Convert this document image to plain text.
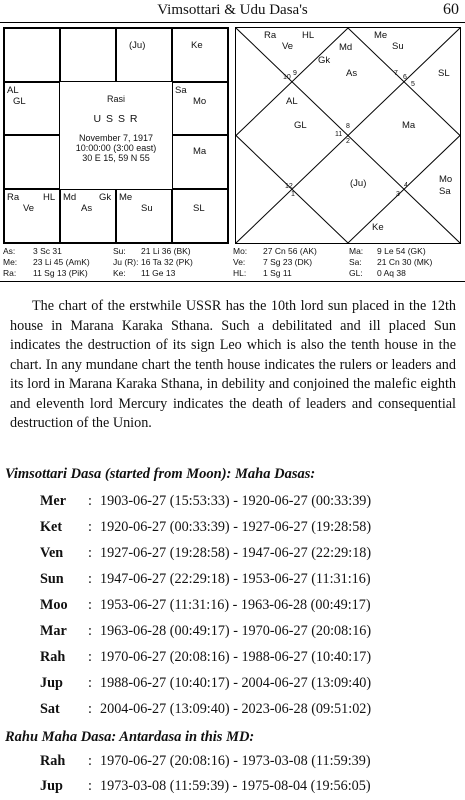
Vimsottari & Udu Dasa's	60
(Ju)	Ke
AL
GL
Sa
Mo
Ma
Ra	HL
Ve
Md
As
Gk Me
Su	SL
Rasi
U S S R
November 7, 1917
10:00:00 (3:00 east)
30 E 15, 59 N 55
Ra	HL	Me
Ve	Md	Su
Gk
As	SL
AL
GL	Ma
(Ju)	Mo
Sa
Ke
10
9	7
6
5
8
11
2
12
1
4
3
As:	3 Sc 31	Su:	21 Li 36 (BK)	Mo:	27 Cn 56 (AK)	Ma:	9 Le 54 (GK)
Me:	23 Li 45 (AmK)	Ju (R): 16 Ta 32 (PK)	Ve:	7 Sg 23 (DK)	Sa:	21 Cn 30 (MK)
Ra:	11 Sg 13 (PiK)	Ke:	11 Ge 13	HL:	1 Sg 11	GL:	0 Aq 38
The chart of the erstwhile USSR has the 10th lord sun placed in the 12th house in Marana Karaka Sthana. Such a debilitated and ill placed Sun indicates the destruction of its sign Leo which is also the tenth house in the chart. In any mundane chart the tenth house indicates the rulers or leaders and its lord in Marana Karaka Sthana, in debility and conjoined the malefic eighth and eleventh lord Mercury indicates the death of leaders and consequential destruction of the Union.
Vimsottari Dasa (started from Moon): Maha Dasas:
Mer : 1903-06-27 (15:53:33) - 1920-06-27 (00:33:39)
Ket : 1920-06-27 (00:33:39) - 1927-06-27 (19:28:58)
Ven : 1927-06-27 (19:28:58) - 1947-06-27 (22:29:18)
Sun : 1947-06-27 (22:29:18) - 1953-06-27 (11:31:16)
Moo : 1953-06-27 (11:31:16) - 1963-06-28 (00:49:17)
Mar : 1963-06-28 (00:49:17) - 1970-06-27 (20:08:16)
Rah : 1970-06-27 (20:08:16) - 1988-06-27 (10:40:17)
Jup : 1988-06-27 (10:40:17) - 2004-06-27 (13:09:40)
Sat : 2004-06-27 (13:09:40) - 2023-06-28 (09:51:02)
Rahu Maha Dasa: Antardasa in this MD:
Rah : 1970-06-27 (20:08:16) - 1973-03-08 (11:59:39)
Jup : 1973-03-08 (11:59:39) - 1975-08-04 (19:56:05)
